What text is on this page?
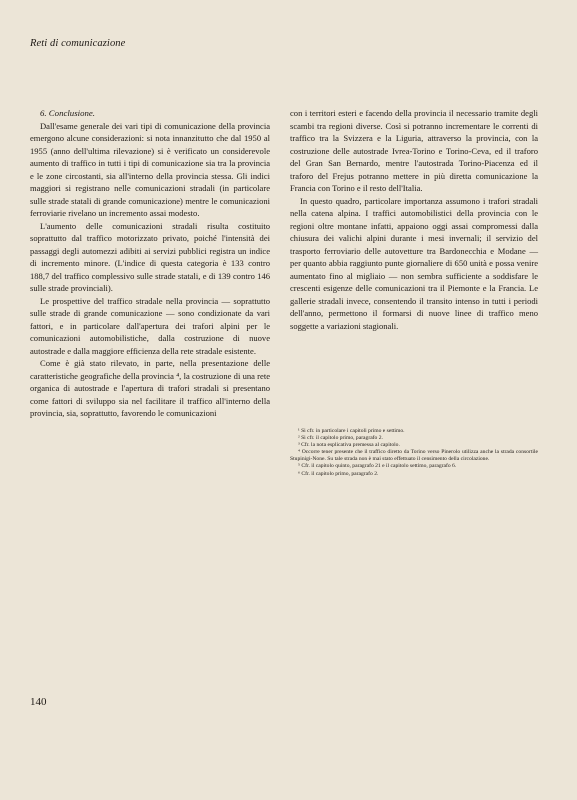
Reti di comunicazione

6. Conclusione.

Dall'esame generale dei vari tipi di comunicazione della provincia emergono alcune considerazioni: si nota innanzitutto che dal 1950 al 1955 (anno dell'ultima rilevazione) si è verificato un considerevole aumento di traffico in tutti i tipi di comunicazione sia tra la provincia e le zone circostanti, sia all'interno della provincia stessa. Gli indici maggiori si registrano nelle comunicazioni stradali (in particolare sulle strade statali di grande comunicazione) mentre le comunicazioni ferroviarie rivelano un incremento assai modesto.

L'aumento delle comunicazioni stradali risulta costituito soprattutto dal traffico motorizzato privato, poiché l'intensità dei passaggi degli automezzi adibiti ai servizi pubblici registra un indice di incremento minore. (L'indice di questa categoria è 133 contro 188,7 del traffico complessivo sulle strade statali, e di 139 contro 146 sulle strade provinciali).

Le prospettive del traffico stradale nella provincia — soprattutto sulle strade di grande comunicazione — sono condizionate da vari fattori, e in particolare dall'apertura dei trafori alpini per le comunicazioni automobilistiche, dalla costruzione di nuove autostrade e dalla maggiore efficienza della rete stradale esistente.

Come è già stato rilevato, in parte, nella presentazione delle caratteristiche geografiche della provincia ⁴, la costruzione di una rete organica di autostrade e l'apertura di trafori stradali si presentano come fattori di sviluppo sia nel facilitare il traffico all'interno della provincia, sia, soprattutto, favorendo le comunicazioni

con i territori esteri e facendo della provincia il necessario tramite degli scambi tra regioni diverse. Così si potranno incrementare le correnti di traffico tra la Svizzera e la Liguria, attraverso la provincia, con la costruzione delle autostrade Ivrea-Torino e Torino-Ceva, ed il traforo del Gran San Bernardo, mentre l'autostrada Torino-Piacenza ed il traforo del Frejus potranno mettere in più diretta comunicazione la Francia con Torino e il resto dell'Italia.

In questo quadro, particolare importanza assumono i trafori stradali nella catena alpina. I traffici automobilistici della provincia con le regioni oltre montane infatti, appaiono oggi assai compromessi dalla chiusura dei valichi alpini durante i mesi invernali; il servizio del trasporto ferroviario delle autovetture tra Bardonecchia e Modane — per quanto abbia raggiunto punte giornaliere di 650 unità e possa venire aumentato fino al migliaio — non sembra sufficiente a soddisfare le crescenti esigenze delle comunicazioni tra il Piemonte e la Francia. Le gallerie stradali invece, consentendo il transito intenso in tutti i periodi dell'anno, permettono il formarsi di nuove linee di traffico meno soggette a variazioni stagionali.

¹ Si cfr. in particolare i capitoli primo e settimo.

² Si cfr. il capitolo primo, paragrafo 2.

³ Cfr. la nota esplicativa premessa al capitolo.

⁴ Occorre tener presente che il traffico diretto da Torino verso Pinerolo utilizza anche la strada consortile Stupinigi-None. Su tale strada non è mai stato effettuato il censimento della circolazione.

⁵ Cfr. il capitolo quinto, paragrafo 21 e il capitolo settimo, paragrafo 6.

⁶ Cfr. il capitolo primo, paragrafo 2.

140
